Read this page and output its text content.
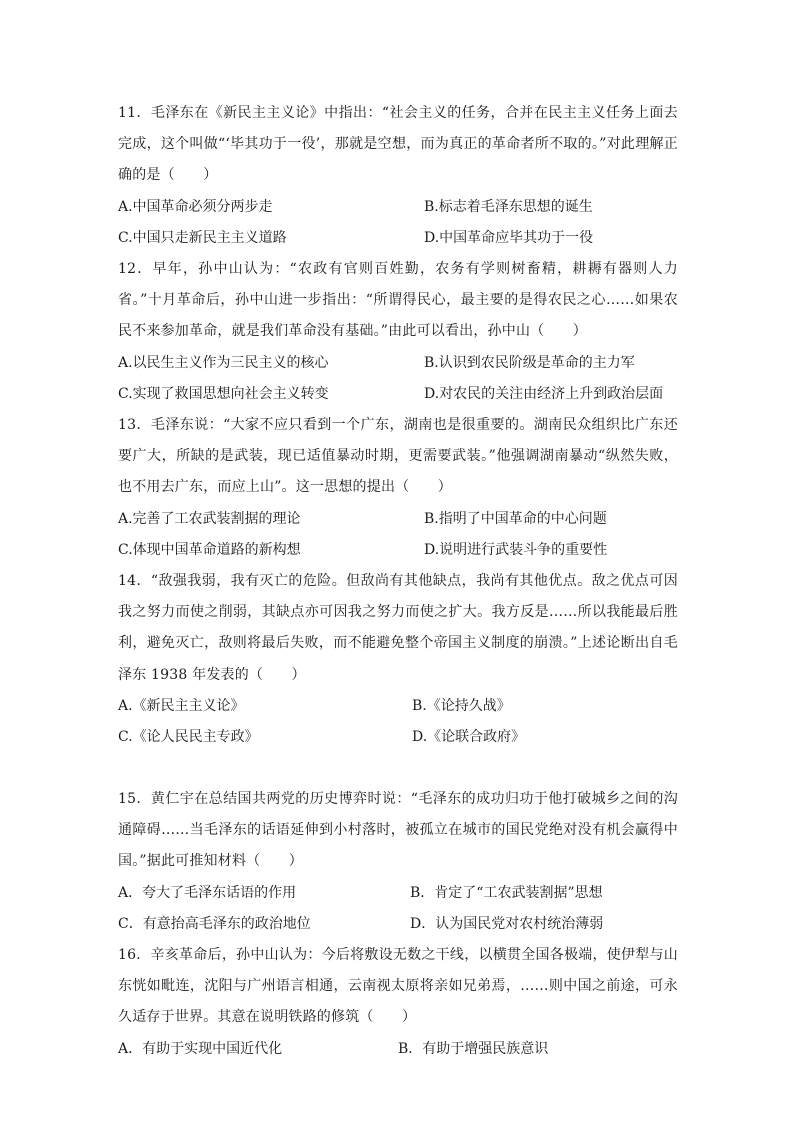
11．毛泽东在《新民主主义论》中指出：“社会主义的任务，合并在民主主义任务上面去完成，这个叫做“‘毕其功于一役’，那就是空想，而为真正的革命者所不取的。”对此理解正确的是（　　）

A.中国革命必须分两步走	B.标志着毛泽东思想的诞生
C.中国只走新民主主义道路	D.中国革命应毕其功于一役

12．早年，孙中山认为：“农政有官则百姓勤，农务有学则树畜精，耕耨有器则人力省。”十月革命后，孙中山进一步指出：“所谓得民心，最主要的是得农民之心……如果农民不来参加革命，就是我们革命没有基础。”由此可以看出，孙中山（　　）

A.以民生主义作为三民主义的核心	B.认识到农民阶级是革命的主力军
C.实现了救国思想向社会主义转变	D.对农民的关注由经济上升到政治层面

13．毛泽东说：“大家不应只看到一个广东，湖南也是很重要的。湖南民众组织比广东还要广大，所缺的是武装，现已适值暴动时期，更需要武装。”他强调湖南暴动“纵然失败，也不用去广东，而应上山”。这一思想的提出（　　）

A.完善了工农武装割据的理论	B.指明了中国革命的中心问题
C.体现中国革命道路的新构想	D.说明进行武装斗争的重要性

14．“敌强我弱，我有灭亡的危险。但敌尚有其他缺点，我尚有其他优点。敌之优点可因我之努力而使之削弱，其缺点亦可因我之努力而使之扩大。我方反是……所以我能最后胜利，避免灭亡，敌则将最后失败，而不能避免整个帝国主义制度的崩溃。”上述论断出自毛泽东 1938 年发表的（　　）

A.《新民主主义论》	B.《论持久战》
C.《论人民民主专政》	D.《论联合政府》

15．黄仁宇在总结国共两党的历史博弈时说：“毛泽东的成功归功于他打破城乡之间的沟通障碍……当毛泽东的话语延伸到小村落时，被孤立在城市的国民党绝对没有机会赢得中国。”据此可推知材料（　　）

A．夸大了毛泽东话语的作用	B．肯定了“工农武装割据”思想
C．有意抬高毛泽东的政治地位	D．认为国民党对农村统治薄弱

16．辛亥革命后，孙中山认为：今后将敷设无数之干线，以横贯全国各极端，使伊犁与山东恍如毗连，沈阳与广州语言相通，云南视太原将亲如兄弟焉，……则中国之前途，可永久适存于世界。其意在说明铁路的修筑（　　）

A．有助于实现中国近代化	B．有助于增强民族意识
